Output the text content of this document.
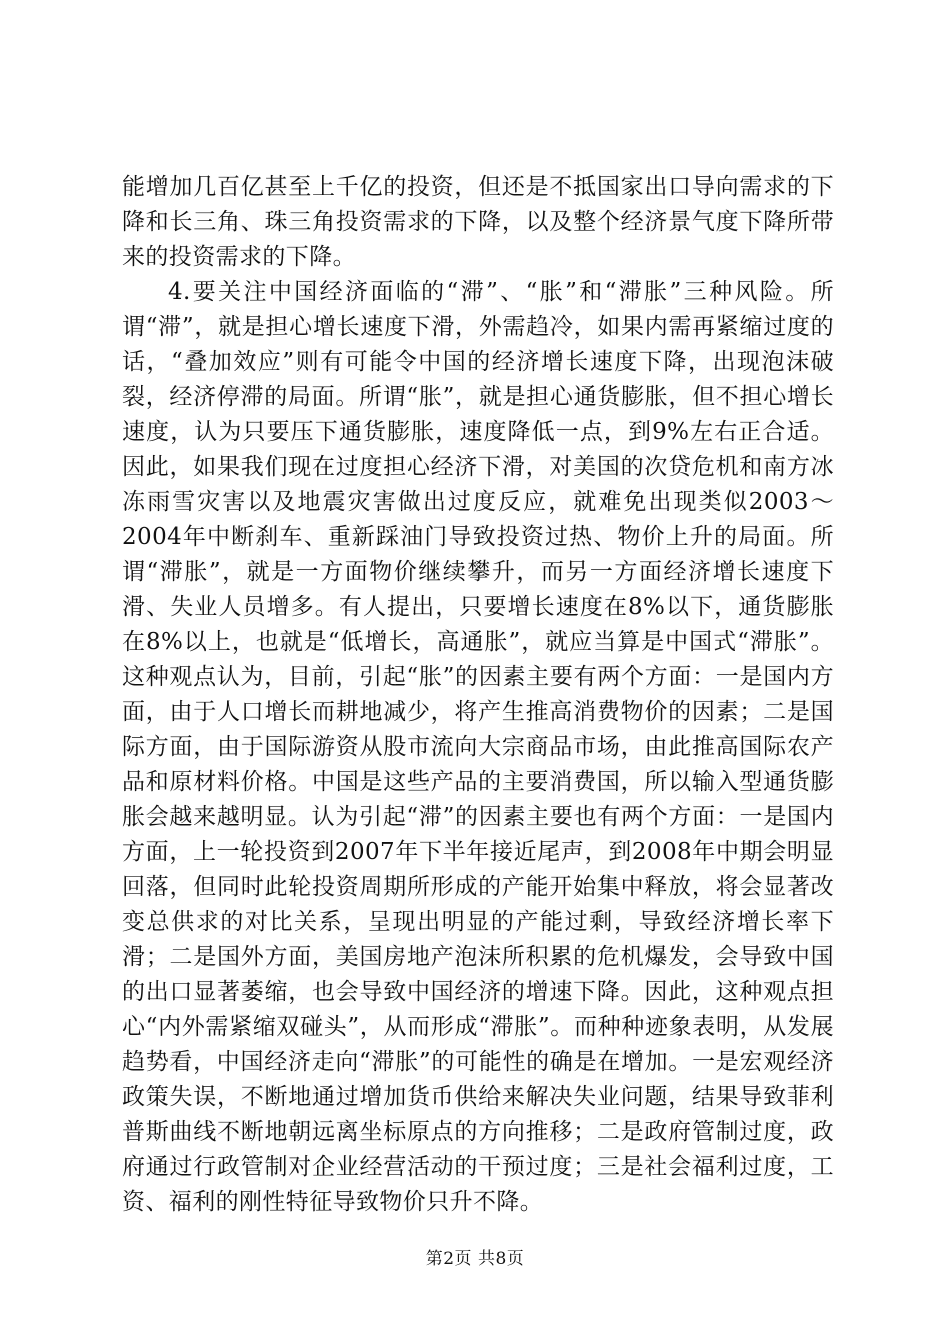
能增加几百亿甚至上千亿的投资，但还是不抵国家出口导向需求的下降和长三角、珠三角投资需求的下降，以及整个经济景气度下降所带来的投资需求的下降。

4.要关注中国经济面临的“滞”、“胀”和“滞胀”三种风险。所谓“滞”，就是担心增长速度下滑，外需趋冷，如果内需再紧缩过度的话，“叠加效应”则有可能令中国的经济增长速度下降，出现泡沫破裂，经济停滞的局面。所谓“胀”，就是担心通货膨胀，但不担心增长速度，认为只要压下通货膨胀，速度降低一点，到9%左右正合适。因此，如果我们现在过度担心经济下滑，对美国的次贷危机和南方冰冻雨雪灾害以及地震灾害做出过度反应，就难免出现类似2003～2004年中断刹车、重新踩油门导致投资过热、物价上升的局面。所谓“滞胀”，就是一方面物价继续攀升，而另一方面经济增长速度下滑、失业人员增多。有人提出，只要增长速度在8%以下，通货膨胀在8%以上，也就是“低增长，高通胀”，就应当算是中国式“滞胀”。这种观点认为，目前，引起“胀”的因素主要有两个方面：一是国内方面，由于人口增长而耕地减少，将产生推高消费物价的因素；二是国际方面，由于国际游资从股市流向大宗商品市场，由此推高国际农产品和原材料价格。中国是这些产品的主要消费国，所以输入型通货膨胀会越来越明显。认为引起“滞”的因素主要也有两个方面：一是国内方面，上一轮投资到2007年下半年接近尾声，到2008年中期会明显回落，但同时此轮投资周期所形成的产能开始集中释放，将会显著改变总供求的对比关系，呈现出明显的产能过剩，导致经济增长率下滑；二是国外方面，美国房地产泡沫所积累的危机爆发，会导致中国的出口显著萎缩，也会导致中国经济的增速下降。因此，这种观点担心“内外需紧缩双碰头”，从而形成“滞胀”。而种种迹象表明，从发展趋势看，中国经济走向“滞胀”的可能性的确是在增加。一是宏观经济政策失误，不断地通过增加货币供给来解决失业问题，结果导致菲利普斯曲线不断地朝远离坐标原点的方向推移；二是政府管制过度，政府通过行政管制对企业经营活动的干预过度；三是社会福利过度，工资、福利的刚性特征导致物价只升不降。

第2页 共8页
